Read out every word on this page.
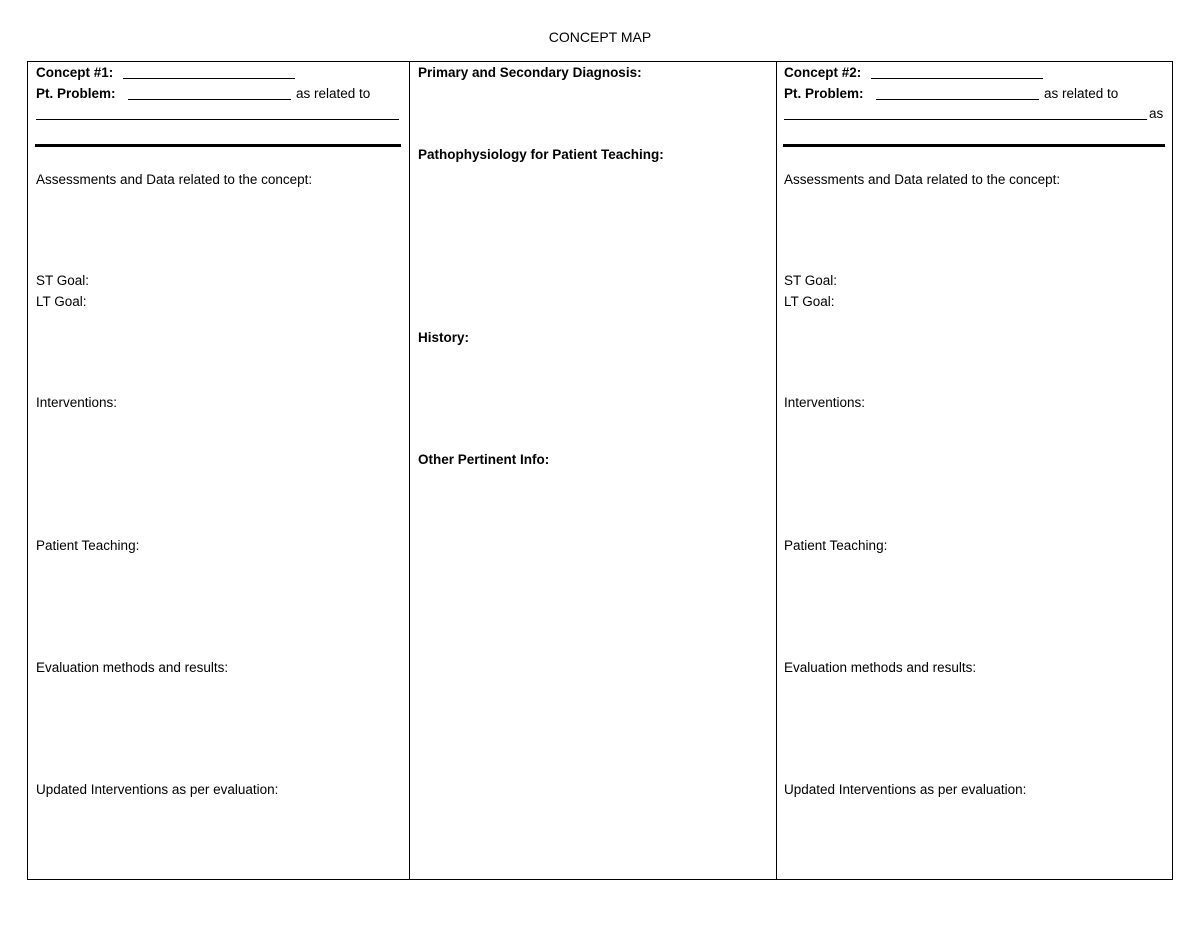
CONCEPT MAP
Concept #1:
Pt. Problem:	as related to
Assessments and Data related to the concept:
ST Goal:
LT Goal:
Interventions:
Patient Teaching:
Evaluation methods and results:
Updated Interventions as per evaluation:
Primary and Secondary Diagnosis:
Pathophysiology for Patient Teaching:
History:
Other Pertinent Info:
Concept #2:
Pt. Problem:	as related to
as
Assessments and Data related to the concept:
ST Goal:
LT Goal:
Interventions:
Patient Teaching:
Evaluation methods and results:
Updated Interventions as per evaluation:
